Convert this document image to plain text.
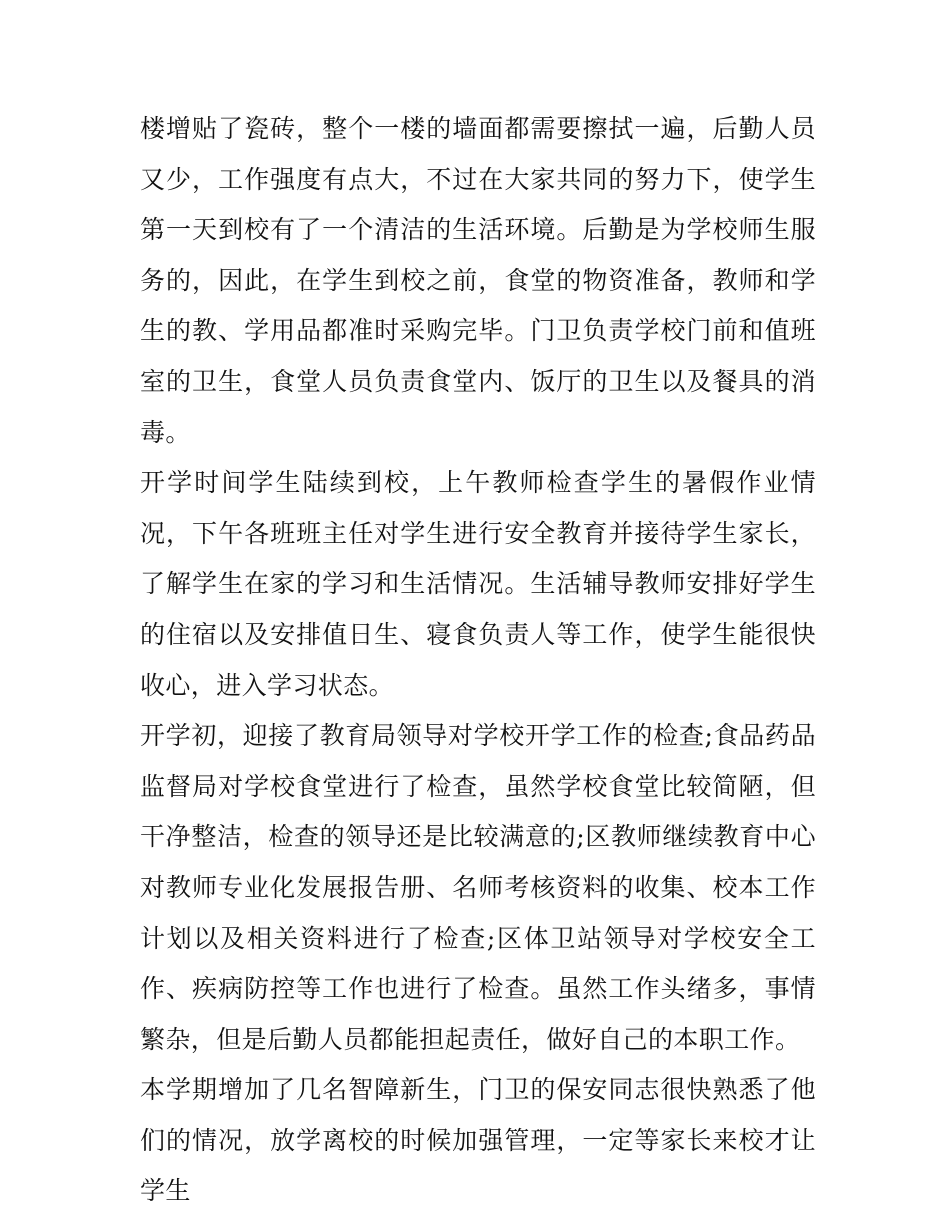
楼增贴了瓷砖，整个一楼的墙面都需要擦拭一遍，后勤人员又少，工作强度有点大，不过在大家共同的努力下，使学生第一天到校有了一个清洁的生活环境。后勤是为学校师生服务的，因此，在学生到校之前，食堂的物资准备，教师和学生的教、学用品都准时采购完毕。门卫负责学校门前和值班室的卫生，食堂人员负责食堂内、饭厅的卫生以及餐具的消毒。

开学时间学生陆续到校，上午教师检查学生的暑假作业情况，下午各班班主任对学生进行安全教育并接待学生家长，了解学生在家的学习和生活情况。生活辅导教师安排好学生的住宿以及安排值日生、寝食负责人等工作，使学生能很快收心，进入学习状态。

开学初，迎接了教育局领导对学校开学工作的检查;食品药品监督局对学校食堂进行了检查，虽然学校食堂比较简陋，但干净整洁，检查的领导还是比较满意的;区教师继续教育中心对教师专业化发展报告册、名师考核资料的收集、校本工作计划以及相关资料进行了检查;区体卫站领导对学校安全工作、疾病防控等工作也进行了检查。虽然工作头绪多，事情繁杂，但是后勤人员都能担起责任，做好自己的本职工作。

本学期增加了几名智障新生，门卫的保安同志很快熟悉了他们的情况，放学离校的时候加强管理，一定等家长来校才让学生
